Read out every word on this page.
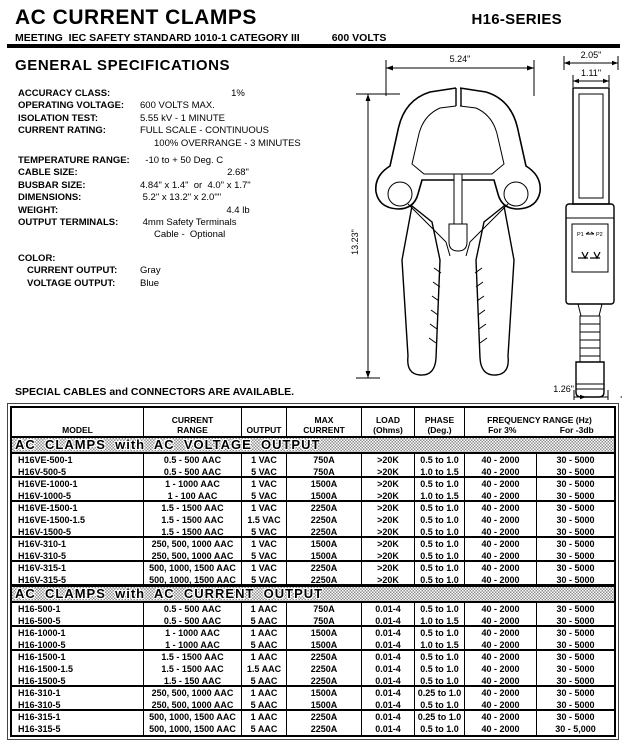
AC CURRENT CLAMPS	H16-SERIES
MEETING  IEC SAFETY STANDARD 1010-1 CATEGORY III	600 VOLTS
GENERAL SPECIFICATIONS
ACCURACY CLASS:	1%
OPERATING VOLTAGE:	600 VOLTS MAX.
ISOLATION TEST:	5.55 kV - 1 MINUTE
CURRENT RATING:	FULL SCALE - CONTINUOUS
100% OVERRANGE - 3 MINUTES
TEMPERATURE RANGE:	-10 to + 50 Deg. C
CABLE SIZE:	2.68"
BUSBAR SIZE:	4.84" x 1.4"  or  4.0" x 1.7"
DIMENSIONS:	5.2" x 13.2" x 2.0""
WEIGHT:	4.4 lb
OUTPUT TERMINALS:	4mm Safety Terminals
Cable -  Optional
COLOR:
CURRENT OUTPUT:	Gray
VOLTAGE OUTPUT:	Blue
5.24"
13.23"
2.05"
1.11"
P1 P2
1.26"
SPECIAL CABLES and CONNECTORS ARE AVAILABLE.
MODEL
CURRENT
RANGE	OUTPUT
MAX
CURRENT
LOAD
(Ohms)
PHASE
(Deg.)
FREQUENCY RANGE (Hz)
For 3%	For -3db
AC  CLAMPS  with  AC  VOLTAGE  OUTPUT
H16VE-500-1	0.5 - 500 AAC	1 VAC	750A	>20K	0.5 to 1.0	40 - 2000	30 - 5000
H16V-500-5	0.5 - 500 AAC	5 VAC	750A	>20K	1.0 to 1.5	40 - 2000	30 - 5000
H16VE-1000-1	1 - 1000 AAC	1 VAC	1500A	>20K	0.5 to 1.0	40 - 2000	30 - 5000
H16V-1000-5	1 - 100 AAC	5 VAC	1500A	>20K	1.0 to 1.5	40 - 2000	30 - 5000
H16VE-1500-1	1.5 - 1500 AAC	1 VAC	2250A	>20K	0.5 to 1.0	40 - 2000	30 - 5000
H16VE-1500-1.5	1.5 - 1500 AAC	1.5 VAC	2250A	>20K	0.5 to 1.0	40 - 2000	30 - 5000
H16V-1500-5	1.5 - 1500 AAC	5 VAC	2250A	>20K	0.5 to 1.0	40 - 2000	30 - 5000
H16V-310-1	250, 500, 1000 AAC	1 VAC	1500A	>20K	0.5 to 1.0	40 - 2000	30 - 5000
H16V-310-5	250, 500, 1000 AAC	5 VAC	1500A	>20K	0.5 to 1.0	40 - 2000	30 - 5000
H16V-315-1	500, 1000, 1500 AAC	1 VAC	2250A	>20K	0.5 to 1.0	40 - 2000	30 - 5000
H16V-315-5	500, 1000, 1500 AAC	5 VAC	2250A	>20K	0.5 to 1.0	40 - 2000	30 - 5000
AC  CLAMPS  with  AC  CURRENT  OUTPUT
H16-500-1	0.5 - 500 AAC	1 AAC	750A	0.01-4	0.5 to 1.0	40 - 2000	30 - 5000
H16-500-5	0.5 - 500 AAC	5 AAC	750A	0.01-4	1.0 to 1.5	40 - 2000	30 - 5000
H16-1000-1	1 - 1000 AAC	1 AAC	1500A	0.01-4	0.5 to 1.0	40 - 2000	30 - 5000
H16-1000-5	1 - 1000 AAC	5 AAC	1500A	0.01-4	1.0 to 1.5	40 - 2000	30 - 5000
H16-1500-1	1.5 - 1500 AAC	1 AAC	2250A	0.01-4	0.5 to 1.0	40 - 2000	30 - 5000
H16-1500-1.5	1.5 - 1500 AAC	1.5 AAC	2250A	0.01-4	0.5 to 1.0	40 - 2000	30 - 5000
H16-1500-5	1.5 - 150 AAC	5 AAC	2250A	0.01-4	0.5 to 1.0	40 - 2000	30 - 5000
H16-310-1	250, 500, 1000 AAC	1 AAC	1500A	0.01-4	0.25 to 1.0	40 - 2000	30 - 5000
H16-310-5	250, 500, 1000 AAC	5 AAC	1500A	0.01-4	0.5 to 1.0	40 - 2000	30 - 5000
H16-315-1	500, 1000, 1500 AAC	1 AAC	2250A	0.01-4	0.25 to 1.0	40 - 2000	30 - 5000
H16-315-5	500, 1000, 1500 AAC	5 AAC	2250A	0.01-4	0.5 to 1.0	40 - 2000	30 - 5,000
